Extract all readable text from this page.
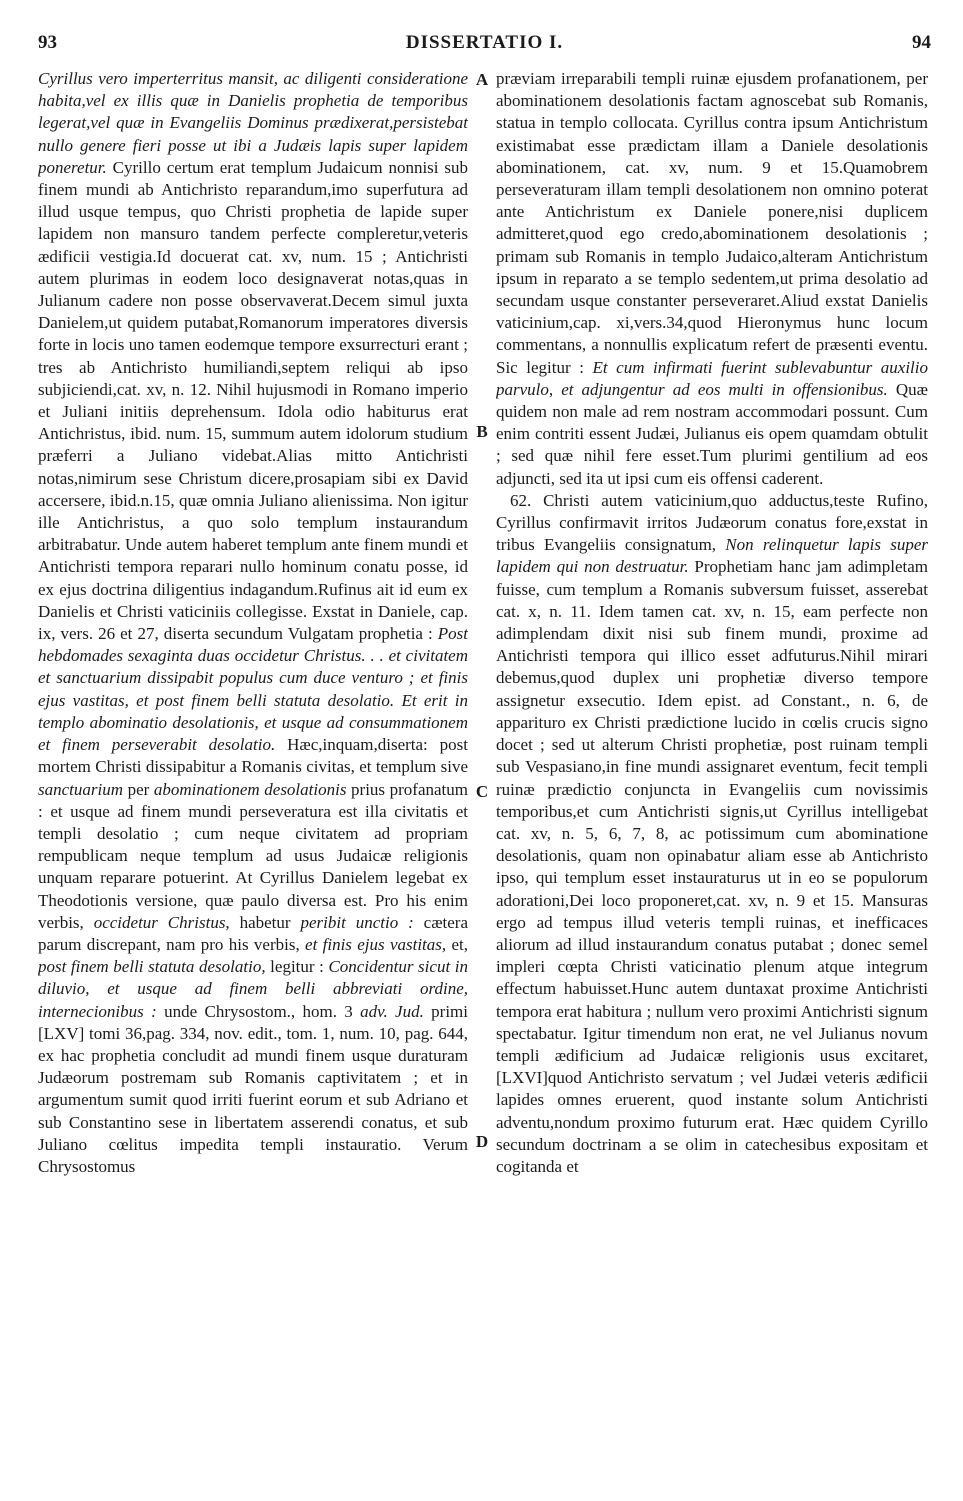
93	DISSERTATIO I.	94

Cyrillus vero imperterritus mansit, ac diligenti consideratione habita,vel ex illis quæ in Danielis prophetia de temporibus legerat,vel quæ in Evangeliis Dominus prædixerat,persistebat nullo genere fieri posse ut ibi a Judæis lapis super lapidem poneretur. Cyrillo certum erat templum Judaicum nonnisi sub finem mundi ab Antichristo reparandum,imo superfutura ad illud usque tempus, quo Christi prophetia de lapide super lapidem non mansuro tandem perfecte compleretur,veteris ædificii vestigia.Id docuerat cat. xv, num. 15 ; Antichristi autem plurimas in eodem loco designaverat notas,quas in Julianum cadere non posse observaverat.Decem simul juxta Danielem,ut quidem putabat,Romanorum imperatores diversis forte in locis uno tamen eodemque tempore exsurrecturi erant ; tres ab Antichristo humiliandi,septem reliqui ab ipso subjiciendi,cat. xv, n. 12. Nihil hujusmodi in Romano imperio et Juliani initiis deprehensum. Idola odio habiturus erat Antichristus, ibid. num. 15, summum autem idolorum studium præferri a Juliano videbat.Alias mitto Antichristi notas,nimirum sese Christum dicere,prosapiam sibi ex David accersere, ibid.n.15, quæ omnia Juliano alienissima. Non igitur ille Antichristus, a quo solo templum instaurandum arbitrabatur. Unde autem haberet templum ante finem mundi et Antichristi tempora reparari nullo hominum conatu posse, id ex ejus doctrina diligentius indagandum.Rufinus ait id eum ex Danielis et Christi vaticiniis collegisse. Exstat in Daniele, cap. ix, vers. 26 et 27, diserta secundum Vulgatam prophetia : Post hebdomades sexaginta duas occidetur Christus. . . et civitatem et sanctuarium dissipabit populus cum duce venturo ; et finis ejus vastitas, et post finem belli statuta desolatio. Et erit in templo abominatio desolationis, et usque ad consummationem et finem perseverabit desolatio. Hæc,inquam,diserta: post mortem Christi dissipabitur a Romanis civitas, et templum sive sanctuarium per abominationem desolationis prius profanatum : et usque ad finem mundi perseveratura est illa civitatis et templi desolatio ; cum neque civitatem ad propriam rempublicam neque templum ad usus Judaicæ religionis unquam reparare potuerint. At Cyrillus Danielem legebat ex Theodotionis versione, quæ paulo diversa est. Pro his enim verbis, occidetur Christus, habetur peribit unctio : cætera parum discrepant, nam pro his verbis, et finis ejus vastitas, et, post finem belli statuta desolatio, legitur : Concidentur sicut in diluvio, et usque ad finem belli abbreviati ordine, internecionibus : unde Chrysostom., hom. 3 adv. Jud. primi [LXV] tomi 36,pag. 334, nov. edit., tom. 1, num. 10, pag. 644, ex hac prophetia concludit ad mundi finem usque duraturam Judæorum postremam sub Romanis captivitatem ; et in argumentum sumit quod irriti fuerint eorum et sub Adriano et sub Constantino sese in libertatem asserendi conatus, et sub Juliano cœlitus impedita templi instauratio. Verum Chrysostomus

præviam irreparabili templi ruinæ ejusdem profanationem, per abominationem desolationis factam agnoscebat sub Romanis, statua in templo collocata. Cyrillus contra ipsum Antichristum existimabat esse prædictam illam a Daniele desolationis abominationem, cat. xv, num. 9 et 15.Quamobrem perseveraturam illam templi desolationem non omnino poterat ante Antichristum ex Daniele ponere,nisi duplicem admitteret,quod ego credo,abominationem desolationis ; primam sub Romanis in templo Judaico,alteram Antichristum ipsum in reparato a se templo sedentem,ut prima desolatio ad secundam usque constanter perseveraret.Aliud exstat Danielis vaticinium,cap. xi,vers.34,quod Hieronymus hunc locum commentans, a nonnullis explicatum refert de præsenti eventu. Sic legitur : Et cum infirmati fuerint sublevabuntur auxilio parvulo, et adjungentur ad eos multi in offensionibus. Quæ quidem non male ad rem nostram accommodari possunt. Cum enim contriti essent Judæi, Julianus eis opem quamdam obtulit ; sed quæ nihil fere esset.Tum plurimi gentilium ad eos adjuncti, sed ita ut ipsi cum eis offensi caderent.

62. Christi autem vaticinium,quo adductus,teste Rufino, Cyrillus confirmavit irritos Judæorum conatus fore,exstat in tribus Evangeliis consignatum, Non relinquetur lapis super lapidem qui non destruatur. Prophetiam hanc jam adimpletam fuisse, cum templum a Romanis subversum fuisset, asserebat cat. x, n. 11. Idem tamen cat. xv, n. 15, eam perfecte non adimplendam dixit nisi sub finem mundi, proxime ad Antichristi tempora qui illico esset adfuturus.Nihil mirari debemus,quod duplex uni prophetiæ diverso tempore assignetur exsecutio. Idem epist. ad Constant., n. 6, de apparituro ex Christi prædictione lucido in cœlis crucis signo docet ; sed ut alterum Christi prophetiæ, post ruinam templi sub Vespasiano,in fine mundi assignaret eventum, fecit templi ruinæ prædictio conjuncta in Evangeliis cum novissimis temporibus,et cum Antichristi signis,ut Cyrillus intelligebat cat. xv, n. 5, 6, 7, 8, ac potissimum cum abominatione desolationis, quam non opinabatur aliam esse ab Antichristo ipso, qui templum esset instauraturus ut in eo se populorum adorationi,Dei loco proponeret,cat. xv, n. 9 et 15. Mansuras ergo ad tempus illud veteris templi ruinas, et inefficaces aliorum ad illud instaurandum conatus putabat ; donec semel impleri cœpta Christi vaticinatio plenum atque integrum effectum habuisset.Hunc autem duntaxat proxime Antichristi tempora erat habitura ; nullum vero proximi Antichristi signum spectabatur. Igitur timendum non erat, ne vel Julianus novum templi ædificium ad Judaicæ religionis usus excitaret, [LXVI]quod Antichristo servatum ; vel Judæi veteris ædificii lapides omnes eruerent, quod instante solum Antichristi adventu,nondum proximo futurum erat. Hæc quidem Cyrillo secundum doctrinam a se olim in catechesibus expositam et cogitanda et

A
B
C
D
